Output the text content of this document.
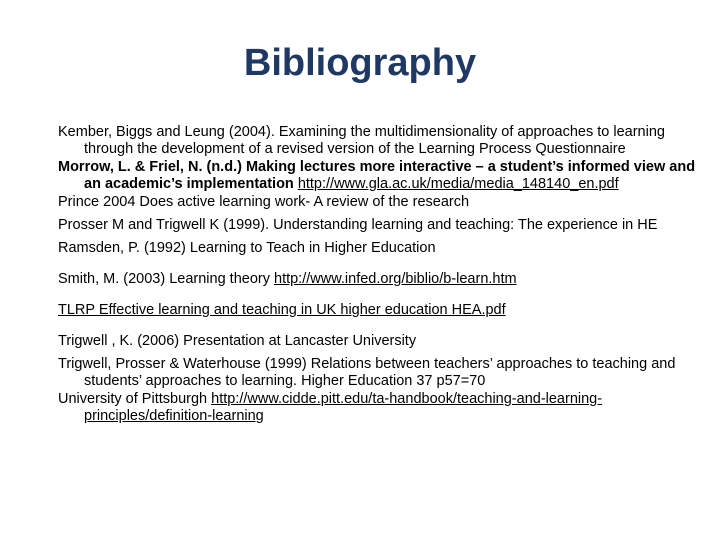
Bibliography
Kember, Biggs and Leung (2004). Examining the multidimensionality of approaches to learning through the development of a revised version of the Learning Process Questionnaire
Morrow, L. & Friel, N. (n.d.) Making lectures more interactive – a student’s informed view and an academic’s implementation http://www.gla.ac.uk/media/media_148140_en.pdf
Prince 2004 Does active learning work- A review of the research
Prosser M and Trigwell K (1999). Understanding learning and teaching: The experience in HE
Ramsden, P. (1992) Learning to Teach in Higher Education
Smith, M. (2003) Learning theory http://www.infed.org/biblio/b-learn.htm
TLRP Effective learning and teaching in UK higher education HEA.pdf
Trigwell , K. (2006) Presentation at Lancaster University
Trigwell, Prosser & Waterhouse (1999) Relations between teachers’ approaches to teaching and students’ approaches to learning. Higher Education 37 p57=70
University of Pittsburgh http://www.cidde.pitt.edu/ta-handbook/teaching-and-learning-principles/definition-learning
